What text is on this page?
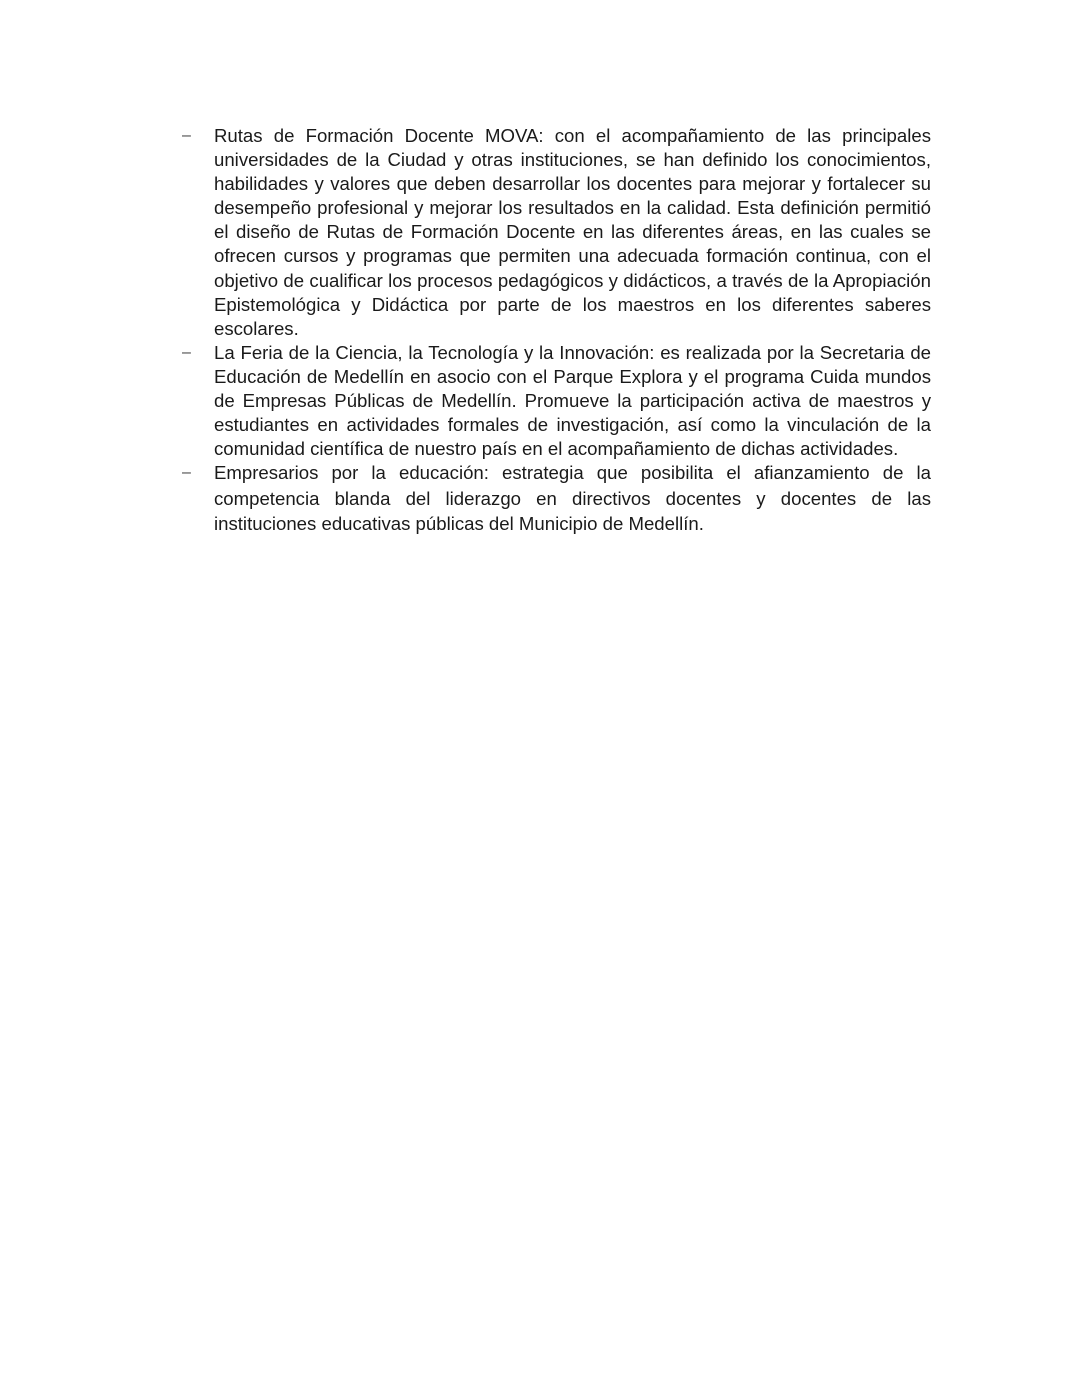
– Rutas de Formación Docente MOVA: con el acompañamiento de las principales universidades de la Ciudad y otras instituciones, se han definido los conocimientos, habilidades y valores que deben desarrollar los docentes para mejorar y fortalecer su desempeño profesional y mejorar los resultados en la calidad. Esta definición permitió el diseño de Rutas de Formación Docente en las diferentes áreas, en las cuales se ofrecen cursos y programas que permiten una adecuada formación continua, con el objetivo de cualificar los procesos pedagógicos y didácticos, a través de la Apropiación Epistemológica y Didáctica por parte de los maestros en los diferentes saberes escolares.
– La Feria de la Ciencia, la Tecnología y la Innovación: es realizada por la Secretaria de Educación de Medellín en asocio con el Parque Explora y el programa Cuida mundos de Empresas Públicas de Medellín. Promueve la participación activa de maestros y estudiantes en actividades formales de investigación, así como la vinculación de la comunidad científica de nuestro país en el acompañamiento de dichas actividades.
– Empresarios por la educación: estrategia que posibilita el afianzamiento de la competencia blanda del liderazgo en directivos docentes y docentes de las instituciones educativas públicas del Municipio de Medellín.
